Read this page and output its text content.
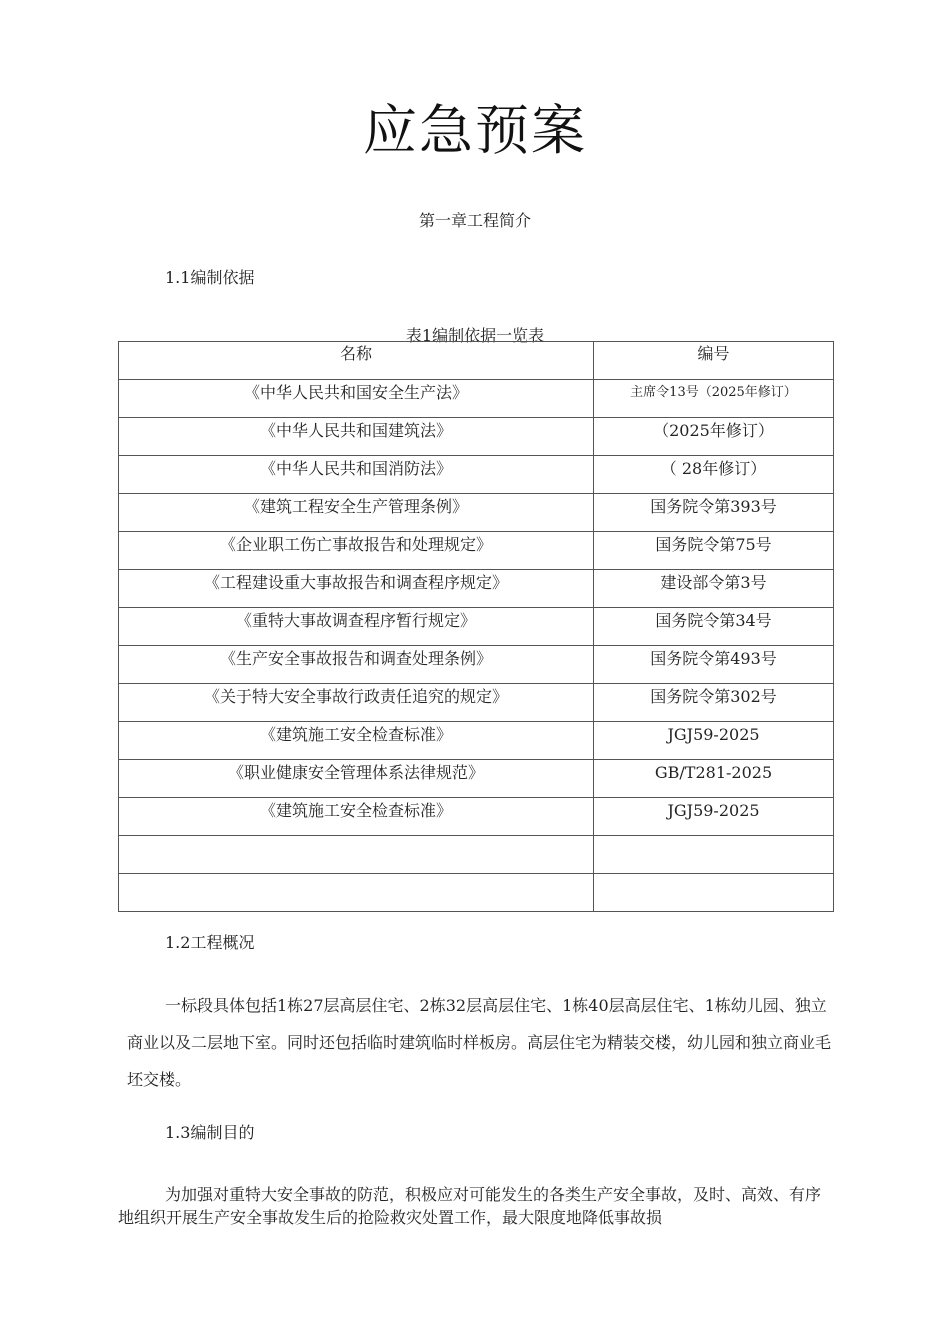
应急预案
第一章工程简介
1.1编制依据
表1编制依据一览表
名称	编号
《中华人民共和国安全生产法》	主席令13号（2025年修订）
《中华人民共和国建筑法》	（2025年修订）
《中华人民共和国消防法》	（ 28年修订）
《建筑工程安全生产管理条例》	国务院令第393号
《企业职工伤亡事故报告和处理规定》	国务院令第75号
《工程建设重大事故报告和调查程序规定》	建设部令第3号
《重特大事故调查程序暂行规定》	国务院令第34号
《生产安全事故报告和调查处理条例》	国务院令第493号
《关于特大安全事故行政责任追究的规定》	国务院令第302号
《建筑施工安全检查标准》	JGJ59-2025
《职业健康安全管理体系法律规范》	GB/T281-2025
《建筑施工安全检查标准》	JGJ59-2025

1.2工程概况
一标段具体包括1栋27层高层住宅、2栋32层高层住宅、1栋40层高层住宅、1栋幼儿园、独立商业以及二层地下室。同时还包括临时建筑临时样板房。高层住宅为精装交楼，幼儿园和独立商业毛坯交楼。
1.3编制目的
为加强对重特大安全事故的防范，积极应对可能发生的各类生产安全事故，及时、高效、有序地组织开展生产安全事故发生后的抢险救灾处置工作，最大限度地降低事故损
